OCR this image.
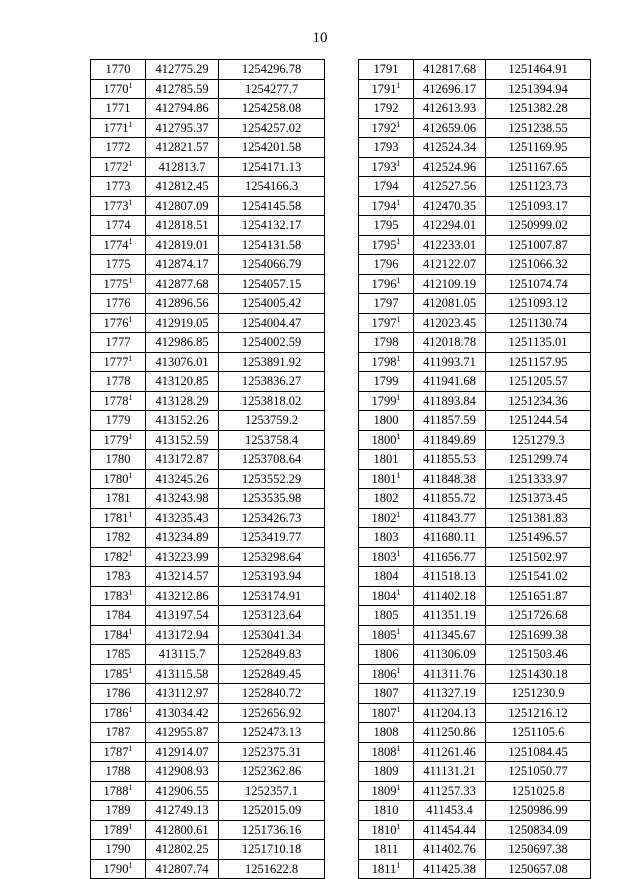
10
1770	412775.29	1254296.78
1770$^1$	412785.59	1254277.7
1771	412794.86	1254258.08
1771$^1$	412795.37	1254257.02
1772	412821.57	1254201.58
1772$^1$	412813.7	1254171.13
1773	412812.45	1254166.3
1773$^1$	412807.09	1254145.58
1774	412818.51	1254132.17
1774$^1$	412819.01	1254131.58
1775	412874.17	1254066.79
1775$^1$	412877.68	1254057.15
1776	412896.56	1254005.42
1776$^1$	412919.05	1254004.47
1777	412986.85	1254002.59
1777$^1$	413076.01	1253891.92
1778	413120.85	1253836.27
1778$^1$	413128.29	1253818.02
1779	413152.26	1253759.2
1779$^1$	413152.59	1253758.4
1780	413172.87	1253708.64
1780$^1$	413245.26	1253552.29
1781	413243.98	1253535.98
1781$^1$	413235.43	1253426.73
1782	413234.89	1253419.77
1782$^1$	413223.99	1253298.64
1783	413214.57	1253193.94
1783$^1$	413212.86	1253174.91
1784	413197.54	1253123.64
1784$^1$	413172.94	1253041.34
1785	413115.7	1252849.83
1785$^1$	413115.58	1252849.45
1786	413112.97	1252840.72
1786$^1$	413034.42	1252656.92
1787	412955.87	1252473.13
1787$^1$	412914.07	1252375.31
1788	412908.93	1252362.86
1788$^1$	412906.55	1252357.1
1789	412749.13	1252015.09
1789$^1$	412800.61	1251736.16
1790	412802.25	1251710.18
1790$^1$	412807.74	1251622.8
1791	412817.68	1251464.91
1791$^1$	412696.17	1251394.94
1792	412613.93	1251382.28
1792$^1$	412659.06	1251238.55
1793	412524.34	1251169.95
1793$^1$	412524.96	1251167.65
1794	412527.56	1251123.73
1794$^1$	412470.35	1251093.17
1795	412294.01	1250999.02
1795$^1$	412233.01	1251007.87
1796	412122.07	1251066.32
1796$^1$	412109.19	1251074.74
1797	412081.05	1251093.12
1797$^1$	412023.45	1251130.74
1798	412018.78	1251135.01
1798$^1$	411993.71	1251157.95
1799	411941.68	1251205.57
1799$^1$	411893.84	1251234.36
1800	411857.59	1251244.54
1800$^1$	411849.89	1251279.3
1801	411855.53	1251299.74
1801$^1$	411848.38	1251333.97
1802	411855.72	1251373.45
1802$^1$	411843.77	1251381.83
1803	411680.11	1251496.57
1803$^1$	411656.77	1251502.97
1804	411518.13	1251541.02
1804$^1$	411402.18	1251651.87
1805	411351.19	1251726.68
1805$^1$	411345.67	1251699.38
1806	411306.09	1251503.46
1806$^1$	411311.76	1251430.18
1807	411327.19	1251230.9
1807$^1$	411204.13	1251216.12
1808	411250.86	1251105.6
1808$^1$	411261.46	1251084.45
1809	411131.21	1251050.77
1809$^1$	411257.33	1251025.8
1810	411453.4	1250986.99
1810$^1$	411454.44	1250834.09
1811	411402.76	1250697.38
1811$^1$	411425.38	1250657.08
